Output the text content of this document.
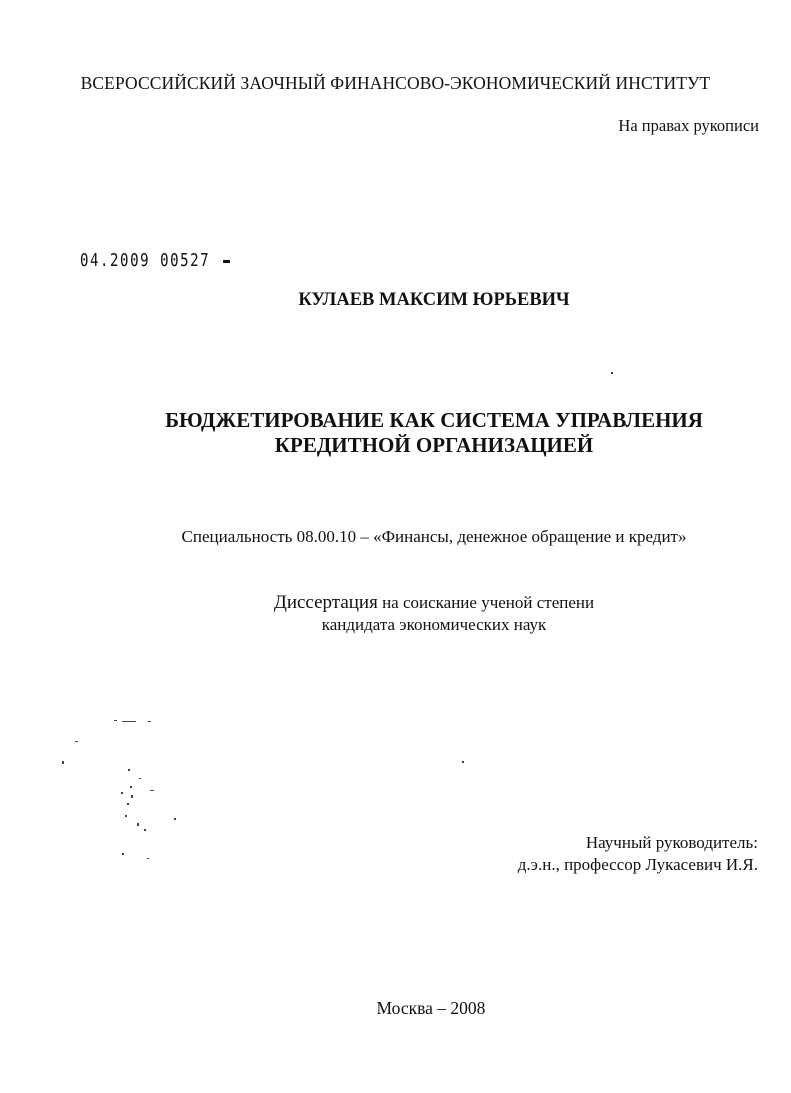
ВСЕРОССИЙСКИЙ ЗАОЧНЫЙ ФИНАНСОВО-ЭКОНОМИЧЕСКИЙ ИНСТИТУТ
На правах рукописи
04.2009 00527
КУЛАЕВ МАКСИМ ЮРЬЕВИЧ
БЮДЖЕТИРОВАНИЕ КАК СИСТЕМА УПРАВЛЕНИЯ
КРЕДИТНОЙ ОРГАНИЗАЦИЕЙ
Специальность 08.00.10 – «Финансы, денежное обращение и кредит»
Диссертация на соискание ученой степени
кандидата экономических наук
Научный руководитель:
д.э.н., профессор Лукасевич И.Я.
Москва – 2008
